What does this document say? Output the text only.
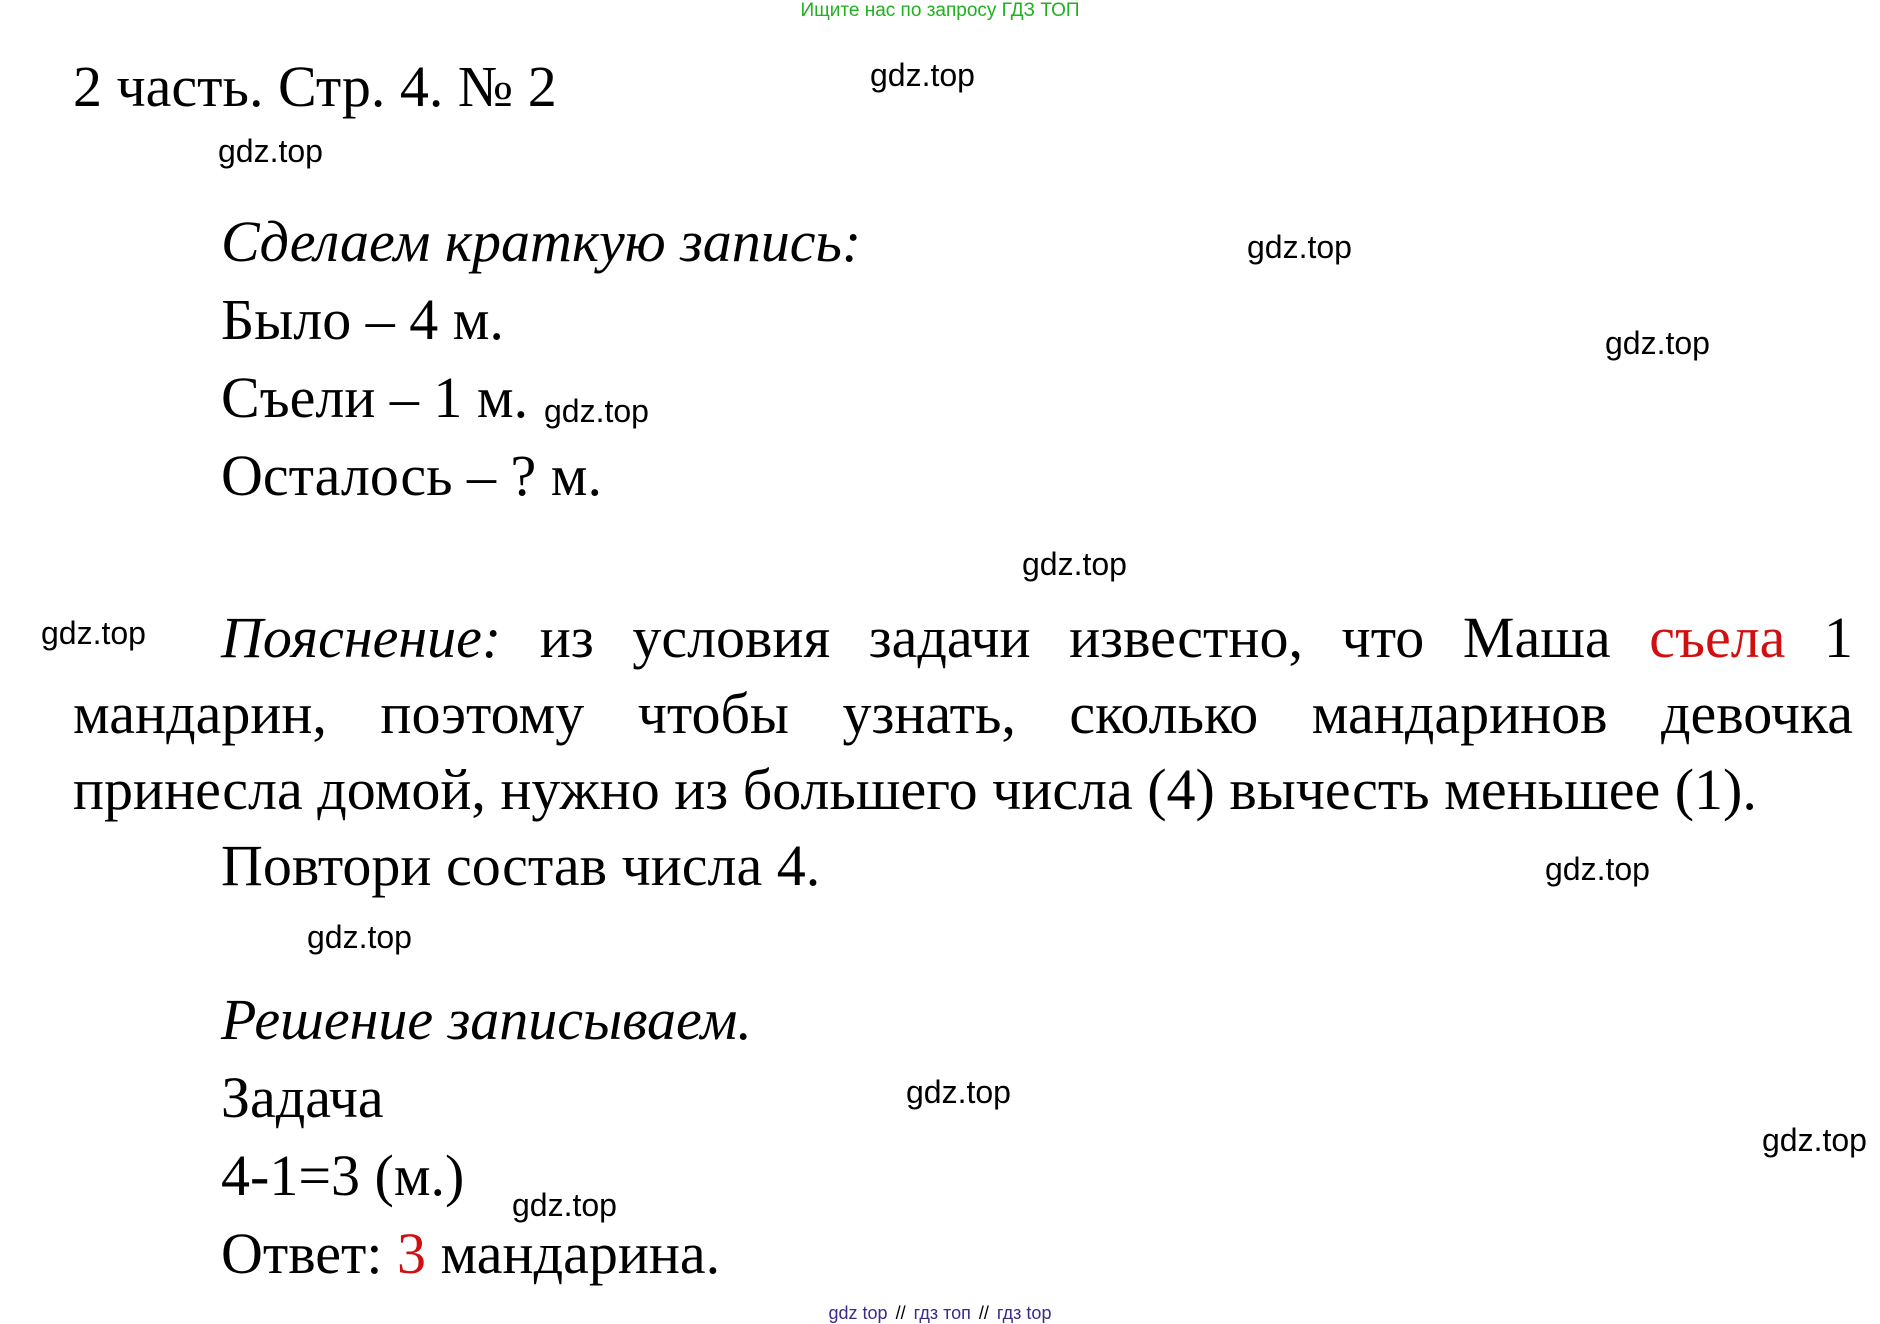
Ищите нас по запросу ГДЗ ТОП
2 часть. Стр. 4. № 2
Сделаем краткую запись:
Было – 4 м.
Съели – 1 м.
Осталось – ? м.
Пояснение: из условия задачи известно, что Маша съела 1 мандарин, поэтому чтобы узнать, сколько мандаринов девочка принесла домой, нужно из большего числа (4) вычесть меньшее (1).
Повтори состав числа 4.
Решение записываем.
Задача
4-1=3 (м.)
Ответ: 3 мандарина.
gdz.top
gdz.top
gdz.top
gdz.top
gdz.top
gdz.top
gdz.top
gdz.top
gdz.top
gdz.top
gdz.top
gdz.top
gdz top // гдз топ // гдз top
